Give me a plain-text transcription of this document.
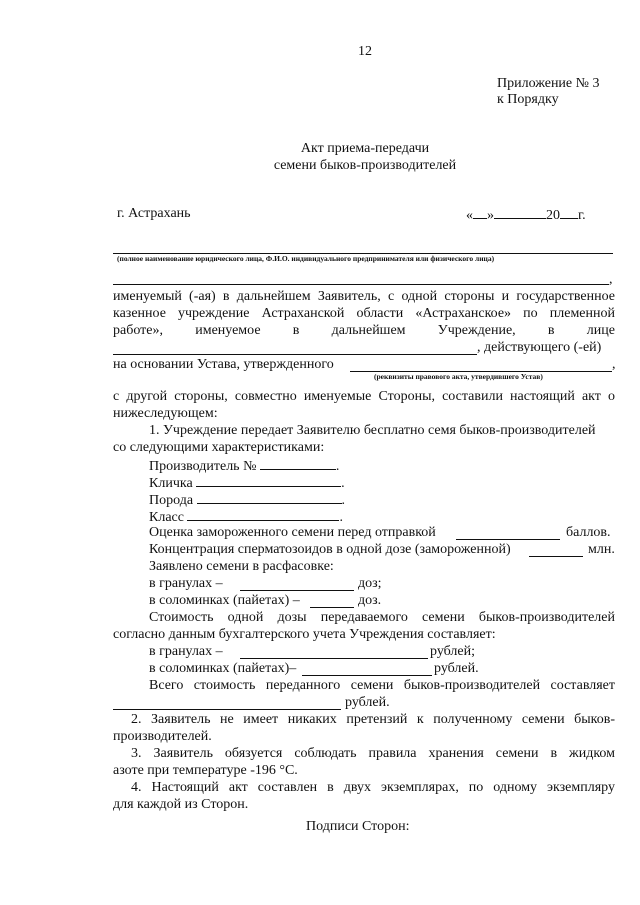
12
Приложение № 3
к Порядку
Акт приема-передачи
семени быков-производителей
г. Астрахань	« »	20 г.
(полное наименование юридического лица, Ф.И.О. индивидуального предпринимателя или физического лица)
,
именуемый (-ая) в дальнейшем Заявитель, с одной стороны и государственное
казенное учреждение Астраханской области «Астраханское» по племенной
работе», именуемое в дальнейшем Учреждение, в лице
, действующего (-ей)
на основании Устава, утвержденного	,
(реквизиты правового акта, утвердившего Устав)
с другой стороны, совместно именуемые Стороны, составили настоящий акт о
нижеследующем:
1. Учреждение передает Заявителю бесплатно семя быков-производителей
со следующими характеристиками:
Производитель №	.
Кличка	.
Порода	.
Класс	.
Оценка замороженного семени перед отправкой	баллов.
Концентрация сперматозоидов в одной дозе (замороженной)	млн.
Заявлено семени в расфасовке:
в гранулах –	доз;
в соломинках (пайетах) –	доз.
Стоимость одной дозы передаваемого семени быков-производителей
согласно данным бухгалтерского учета Учреждения составляет:
в гранулах –	рублей;
в соломинках (пайетах)–	рублей.
Всего стоимость переданного семени быков-производителей составляет
рублей.
2. Заявитель не имеет никаких претензий к полученному семени быков-
производителей.
3. Заявитель обязуется соблюдать правила хранения семени в жидком
азоте при температуре -196 °С.
4. Настоящий акт составлен в двух экземплярах, по одному экземпляру
для каждой из Сторон.
Подписи Сторон:
